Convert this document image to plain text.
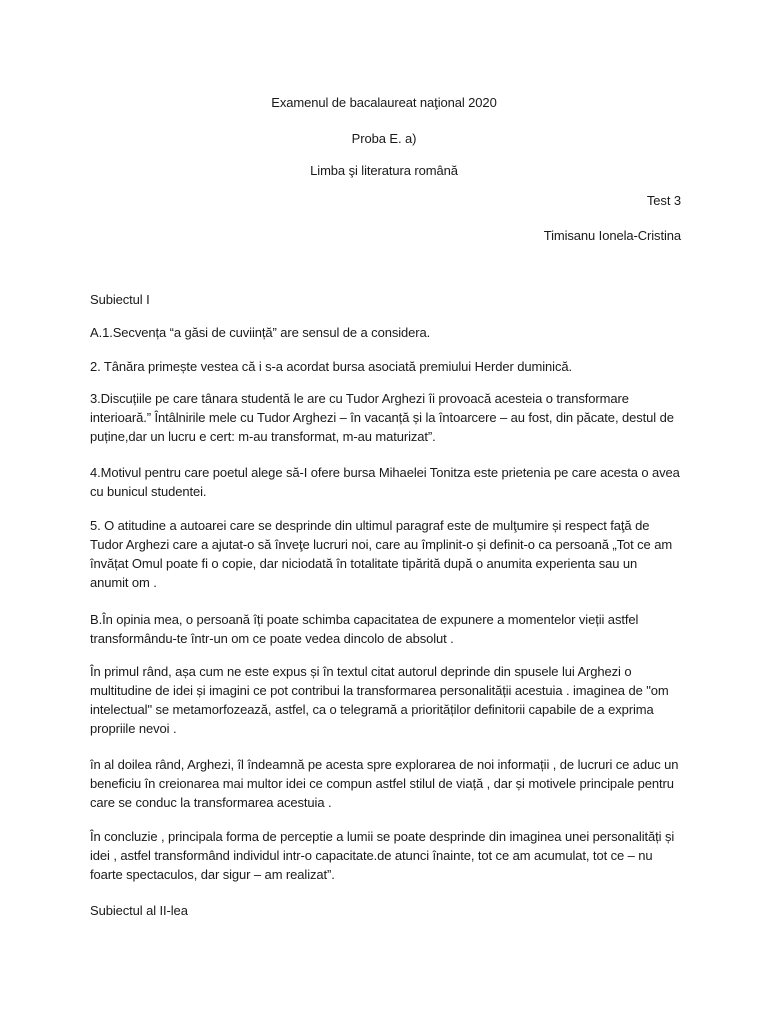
Examenul de bacalaureat naţional 2020
Proba E. a)
Limba şi literatura română
Test 3
Timisanu Ionela-Cristina
Subiectul I

A.1.Secvența “a găsi de cuviință” are sensul de a considera.

2. Tânăra primește vestea că i s-a acordat bursa asociată premiului Herder duminică.

3.Discuțiile pe care tânara studentă le are cu Tudor Arghezi îi provoacă acesteia o transformare

interioară.” Întâlnirile mele cu Tudor Arghezi – în vacanță și la întoarcere – au fost, din păcate, destul de

puține,dar un lucru e cert: m-au transformat, m-au maturizat”.

4.Motivul pentru care poetul alege să-I ofere bursa Mihaelei Tonitza este prietenia pe care acesta o avea

cu bunicul studentei.

5. O atitudine a autoarei care se desprinde din ultimul paragraf este de mulţumire și respect faţă de

Tudor Arghezi care a ajutat-o să înveţe lucruri noi, care au împlinit-o și definit-o ca persoană „Tot ce am

învățat Omul poate fi o copie, dar niciodată în totalitate tipărită după o anumita experienta sau un

anumit om .

B.În opinia mea, o persoană îți poate schimba capacitatea de expunere a momentelor vieții astfel

transformându-te într-un om ce poate vedea dincolo de absolut .

În primul rând, așa cum ne este expus și în textul citat autorul deprinde din spusele lui Arghezi o

multitudine de idei și imagini ce pot contribui la transformarea personalității acestuia . imaginea de "om

intelectual" se metamorfozează, astfel, ca o telegramă a priorităților definitorii capabile de a exprima

propriile nevoi .

în al doilea rând, Arghezi, îl îndeamnă pe acesta spre explorarea de noi informații , de lucruri ce aduc un

beneficiu în creionarea mai multor idei ce compun astfel stilul de viață , dar și motivele principale pentru

care se conduc la transformarea acestuia .

În concluzie , principala forma de perceptie a lumii se poate desprinde din imaginea unei personalități și

idei , astfel transformând individul intr-o capacitate.de atunci înainte, tot ce am acumulat, tot ce – nu

foarte spectaculos, dar sigur – am realizat”.

Subiectul al II-lea
